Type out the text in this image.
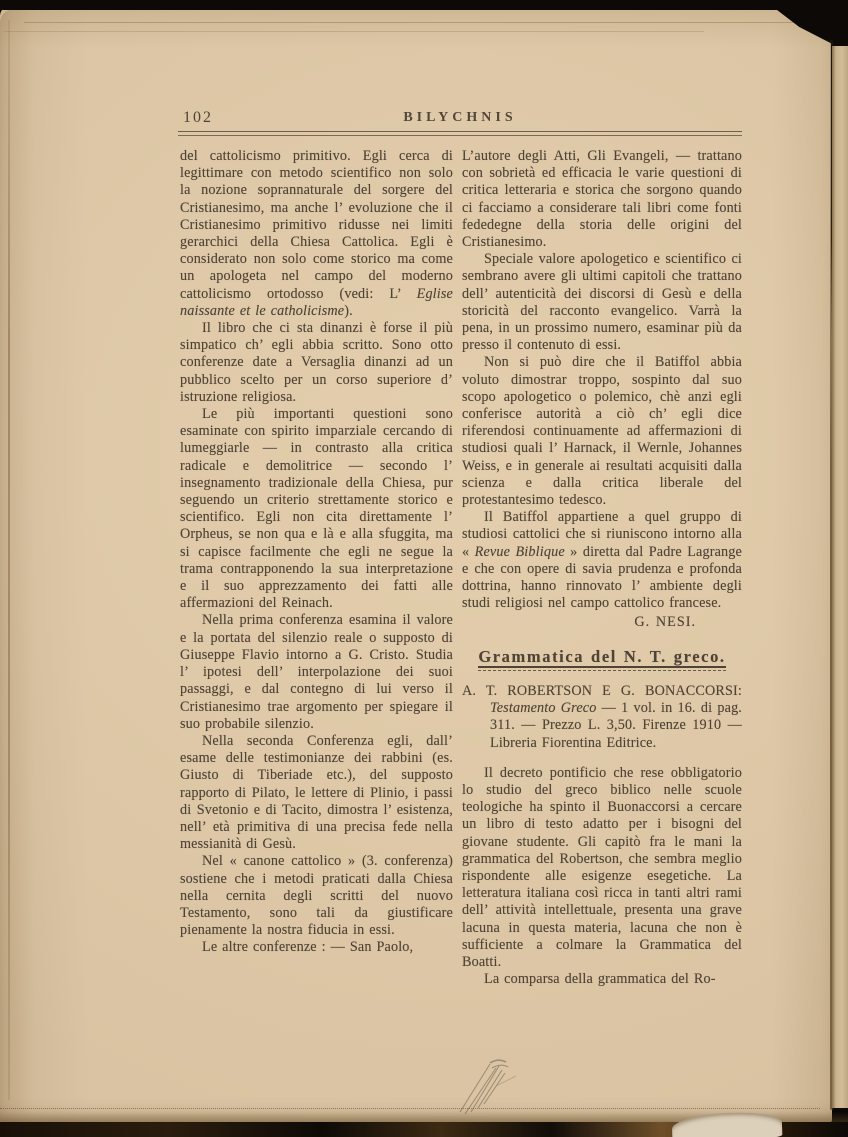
102	BILYCHNIS

del cattolicismo primitivo. Egli cerca di legittimare con metodo scientifico non solo la nozione soprannaturale del sorgere del Cristianesimo, ma anche l’ evoluzione che il Cristianesimo primitivo ridusse nei limiti gerarchici della Chiesa Cattolica. Egli è considerato non solo come storico ma come un apologeta nel campo del moderno cattolicismo ortodosso (vedi: L’ Eglise naissante et le catholicisme).

Il libro che ci sta dinanzi è forse il più simpatico ch’ egli abbia scritto. Sono otto conferenze date a Versaglia dinanzi ad un pubblico scelto per un corso superiore d’ istruzione religiosa.

Le più importanti questioni sono esaminate con spirito imparziale cercando di lumeggiarle — in contrasto alla critica radicale e demolitrice — secondo l’ insegnamento tradizionale della Chiesa, pur seguendo un criterio strettamente storico e scientifico. Egli non cita direttamente l’ Orpheus, se non qua e là e alla sfuggita, ma si capisce facilmente che egli ne segue la trama contrapponendo la sua interpretazione e il suo apprezzamento dei fatti alle affermazioni del Reinach.

Nella prima conferenza esamina il valore e la portata del silenzio reale o supposto di Giuseppe Flavio intorno a G. Cristo. Studia l’ ipotesi dell’ interpolazione dei suoi passaggi, e dal contegno di lui verso il Cristianesimo trae argomento per spiegare il suo probabile silenzio.

Nella seconda Conferenza egli, dall’ esame delle testimonianze dei rabbini (es. Giusto di Tiberiade etc.), del supposto rapporto di Pilato, le lettere di Plinio, i passi di Svetonio e di Tacito, dimostra l’ esistenza, nell’ età primitiva di una precisa fede nella messianità di Gesù.

Nel « canone cattolico » (3. conferenza) sostiene che i metodi praticati dalla Chiesa nella cernita degli scritti del nuovo Testamento, sono tali da giustificare pienamente la nostra fiducia in essi.

Le altre conferenze : — San Paolo,

L’autore degli Atti, Gli Evangeli, — trattano con sobrietà ed efficacia le varie questioni di critica letteraria e storica che sorgono quando ci facciamo a considerare tali libri come fonti fededegne della storia delle origini del Cristianesimo.

Speciale valore apologetico e scientifico ci sembrano avere gli ultimi capitoli che trattano dell’ autenticità dei discorsi di Gesù e della storicità del racconto evangelico. Varrà la pena, in un prossimo numero, esaminar più da presso il contenuto di essi.

Non si può dire che il Batiffol abbia voluto dimostrar troppo, sospinto dal suo scopo apologetico o polemico, chè anzi egli conferisce autorità a ciò ch’ egli dice riferendosi continuamente ad affermazioni di studiosi quali l’ Harnack, il Wernle, Johannes Weiss, e in generale ai resultati acquisiti dalla scienza e dalla critica liberale del protestantesimo tedesco.

Il Batiffol appartiene a quel gruppo di studiosi cattolici che si riuniscono intorno alla « Revue Biblique » diretta dal Padre Lagrange e che con opere di savia prudenza e profonda dottrina, hanno rinnovato l’ ambiente degli studi religiosi nel campo cattolico francese.

G. NESI.

Grammatica del N. T. greco.

A. T. ROBERTSON E G. BONACCORSI: Testamento Greco — 1 vol. in 16. di pag. 311. — Prezzo L. 3,50. Firenze 1910 — Libreria Fiorentina Editrice.

Il decreto pontificio che rese obbligatorio lo studio del greco biblico nelle scuole teologiche ha spinto il Buonaccorsi a cercare un libro di testo adatto per i bisogni del giovane studente. Gli capitò fra le mani la grammatica del Robertson, che sembra meglio rispondente alle esigenze esegetiche. La letteratura italiana così ricca in tanti altri rami dell’ attività intellettuale, presenta una grave lacuna in questa materia, lacuna che non è sufficiente a colmare la Grammatica del Boatti.

La comparsa della grammatica del Ro-
